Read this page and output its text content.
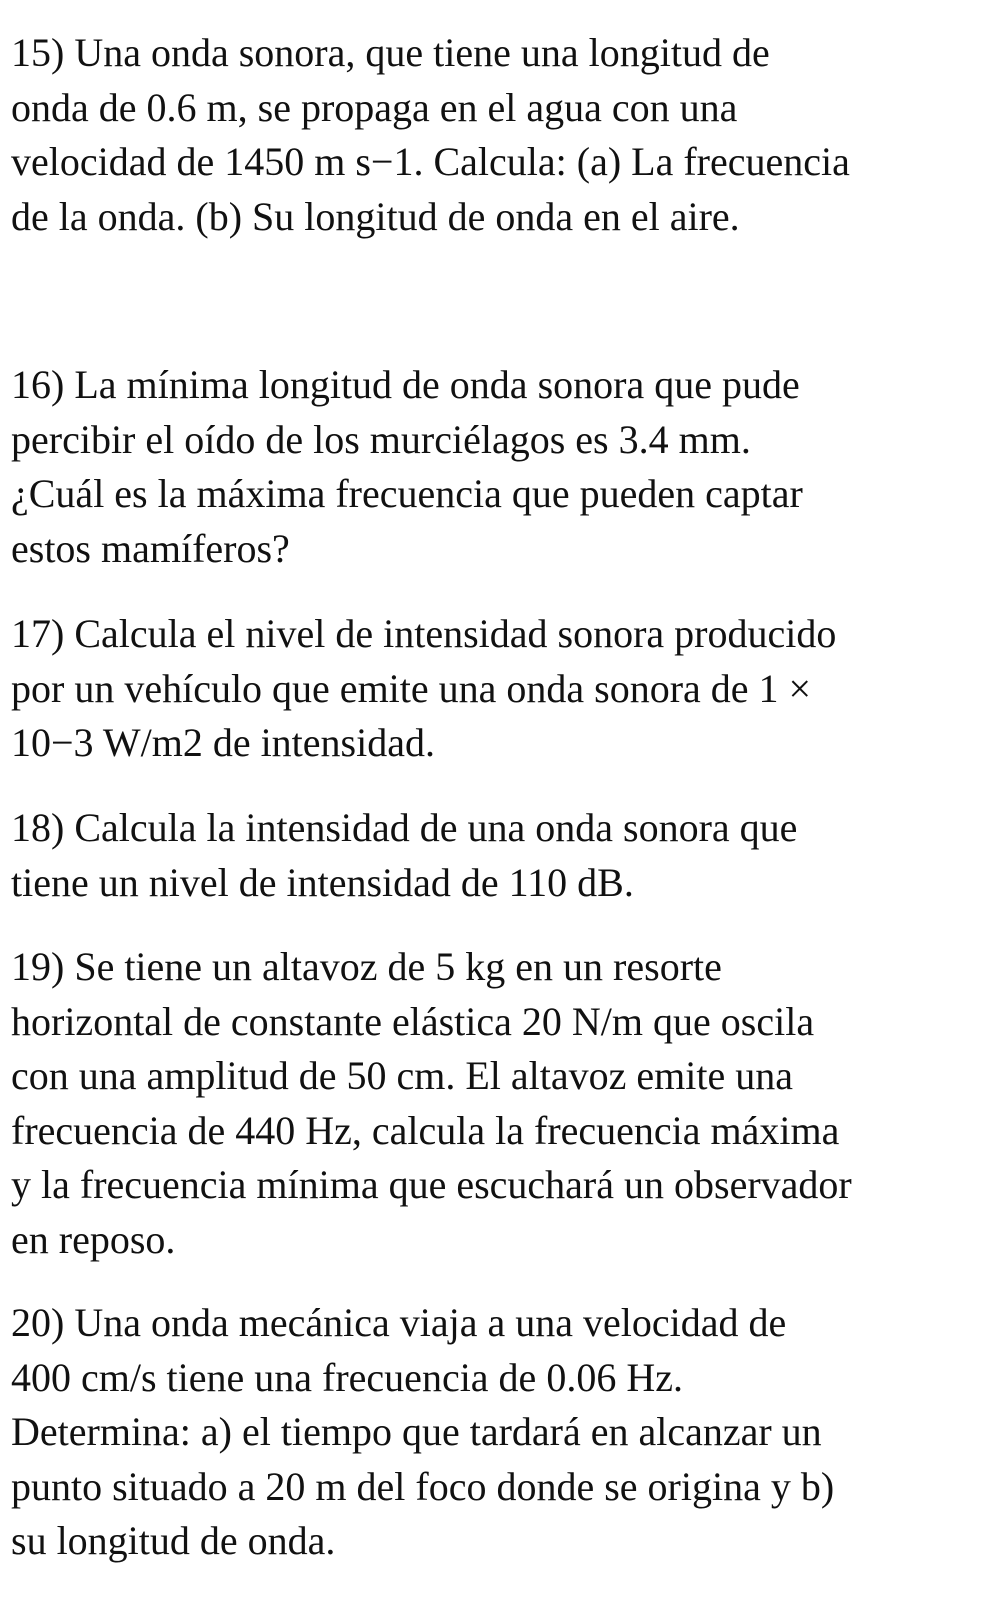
15) Una onda sonora, que tiene una longitud de
onda de 0.6 m, se propaga en el agua con una
velocidad de 1450 m s−1. Calcula: (a) La frecuencia
de la onda. (b) Su longitud de onda en el aire.

16) La mínima longitud de onda sonora que pude
percibir el oído de los murciélagos es 3.4 mm.
¿Cuál es la máxima frecuencia que pueden captar
estos mamíferos?

17) Calcula el nivel de intensidad sonora producido
por un vehículo que emite una onda sonora de 1 ×
10−3 W/m2 de intensidad.

18) Calcula la intensidad de una onda sonora que
tiene un nivel de intensidad de 110 dB.

19) Se tiene un altavoz de 5 kg en un resorte
horizontal de constante elástica 20 N/m que oscila
con una amplitud de 50 cm. El altavoz emite una
frecuencia de 440 Hz, calcula la frecuencia máxima
y la frecuencia mínima que escuchará un observador
en reposo.

20) Una onda mecánica viaja a una velocidad de
400 cm/s tiene una frecuencia de 0.06 Hz.
Determina: a) el tiempo que tardará en alcanzar un
punto situado a 20 m del foco donde se origina y b)
su longitud de onda.
